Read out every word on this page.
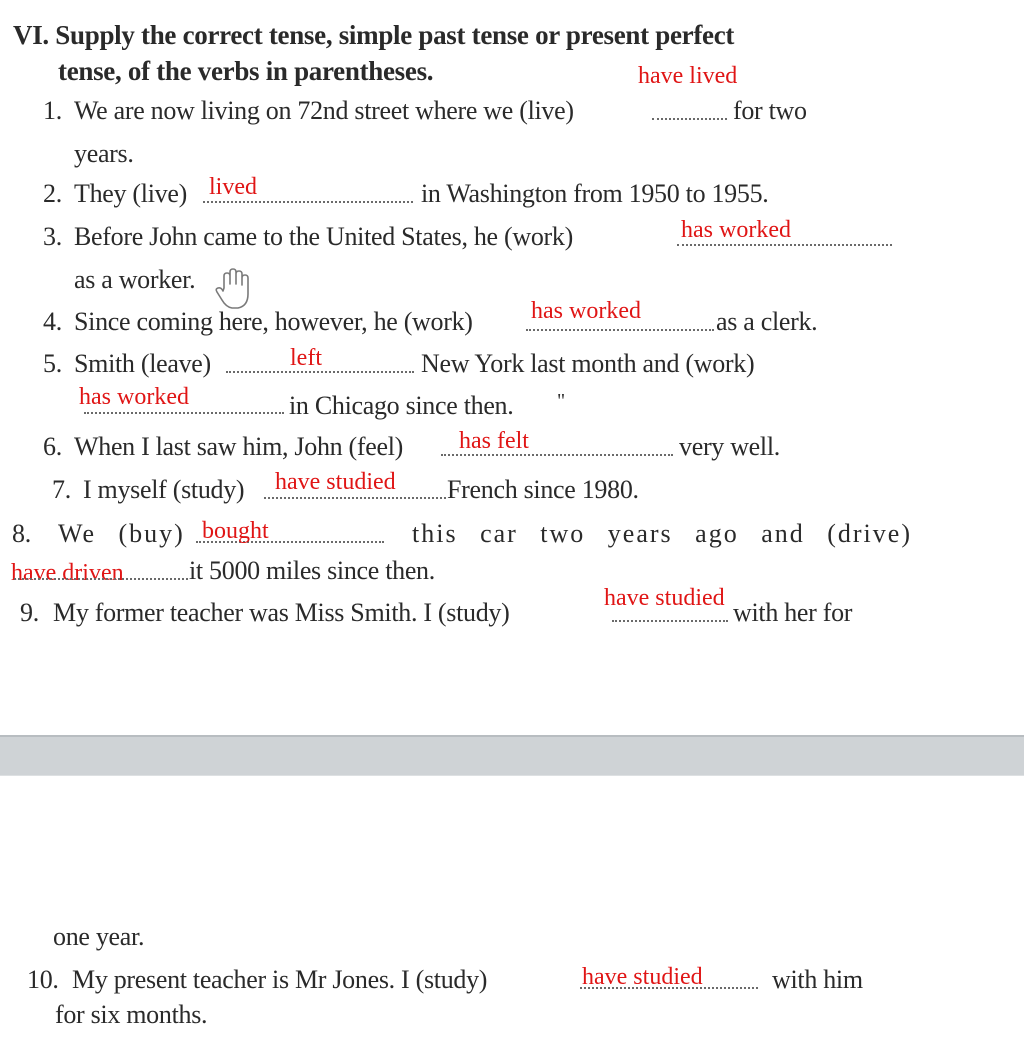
VI. Supply the correct tense, simple past tense or present perfect
tense, of the verbs in parentheses.	have lived
1. We are now living on 72nd street where we (live)	for two
years.
2. They (live) lived	in Washington from 1950 to 1955.
3. Before John came to the United States, he (work)	has worked
as a worker.
4. Since coming here, however, he (work) has worked	as a clerk.
5. Smith (leave)	left	New York last month and (work)
has worked	in Chicago since then. "
6. When I last saw him, John (feel) has felt	very well.
7. I myself (study) have studied French since 1980.
8. We (buy) bought	this car two years ago and (drive)
have driven	it 5000 miles since then.
have studied
9. My former teacher was Miss Smith. I (study)	with her for
one year.
10. My present teacher is Mr Jones. I (study)	have studied	with him
for six months.
